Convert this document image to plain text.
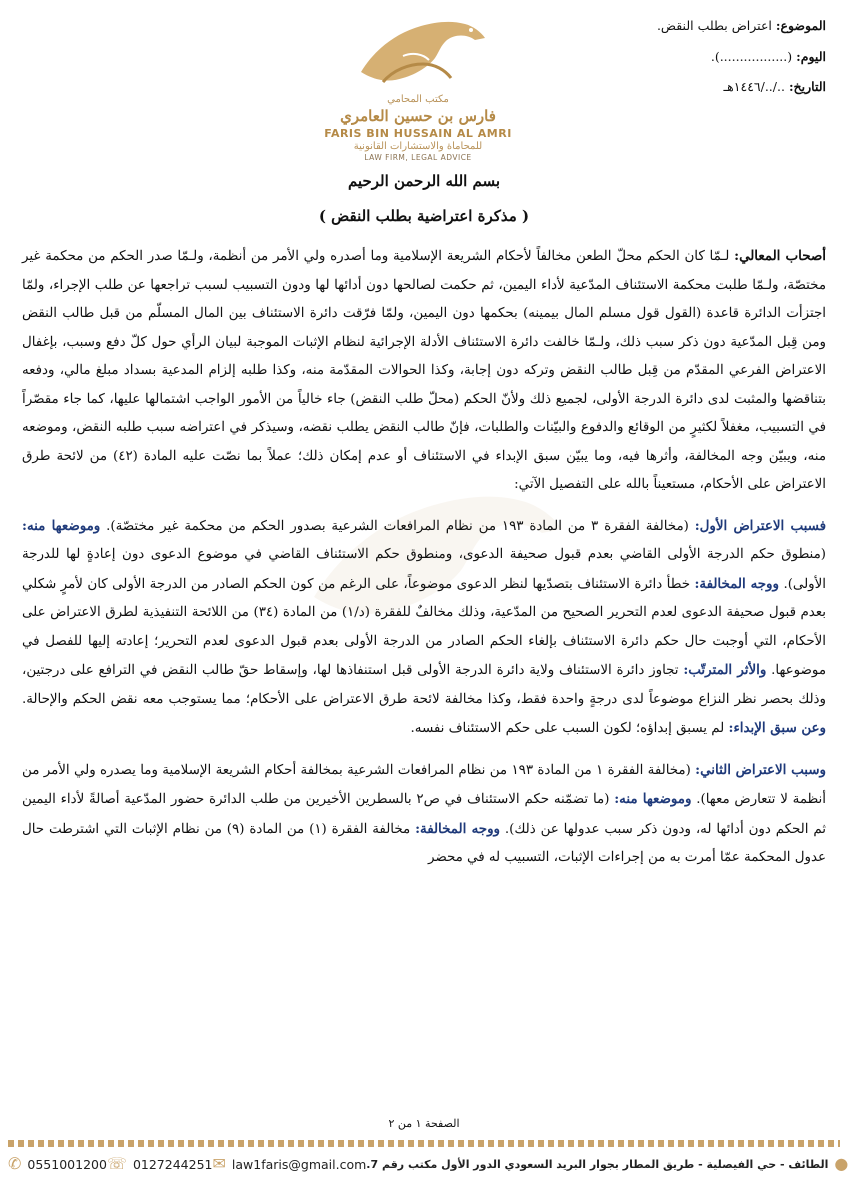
الموضوع: اعتراض بطلب النقض.
اليوم: (.................).
التاريخ: ../../١٤٤٦هـ
مكتب المحامي
فارس بن حسين العامري
FARIS BIN HUSSAIN AL AMRI
للمحاماة والاستشارات القانونية
LAW FIRM, LEGAL ADVICE
بسم الله الرحمن الرحيم
( مذكرة اعتراضية بطلب النقض )

أصحاب المعالي: لـمّا كان الحكم محلّ الطعن مخالفاً لأحكام الشريعة الإسلامية وما أصدره ولي الأمر من أنظمة، ولـمّا صدر الحكم من محكمة غير مختصّة، ولـمّا طلبت محكمة الاستئناف المدّعية لأداء اليمين، ثم حكمت لصالحها دون أدائها لها ودون التسبيب لسبب تراجعها عن طلب الإجراء، ولمّا اجتزأت الدائرة قاعدة (القول قول مسلم المال بيمينه) بحكمها دون اليمين، ولمّا فرّقت دائرة الاستئناف بين المال المسلّم من قبل طالب النقض ومن قِبل المدّعية دون ذكر سبب ذلك، ولـمّا خالفت دائرة الاستئناف الأدلة الإجرائية لنظام الإثبات الموجبة لبيان الرأي حول كلّ دفع وسبب، بإغفال الاعتراض الفرعي المقدّم من قِبل طالب النقض وتركه دون إجابة، وكذا الحوالات المقدّمة منه، وكذا طلبه إلزام المدعية بسداد مبلغ مالي، ودفعه بتناقضها والمثبت لدى دائرة الدرجة الأولى، لجميع ذلك ولأنّ الحكم (محلّ طلب النقض) جاء خالياً من الأمور الواجب اشتمالها عليها، كما جاء مقصّراً في التسبيب، مغفلاً لكثيرٍ من الوقائع والدفوع والبيّنات والطلبات، فإنّ طالب النقض يطلب نقضه، وسيذكر في اعتراضه سبب طلبه النقض، وموضعه منه، ويبيّن وجه المخالفة، وأثرها فيه، وما يبيّن سبق الإبداء في الاستئناف أو عدم إمكان ذلك؛ عملاً بما نصّت عليه المادة (٤٢) من لائحة طرق الاعتراض على الأحكام، مستعيناً بالله على التفصيل الآتي:

فسبب الاعتراض الأول: (مخالفة الفقرة ٣ من المادة ١٩٣ من نظام المرافعات الشرعية بصدور الحكم من محكمة غير مختصّة). وموضعها منه: (منطوق حكم الدرجة الأولى القاضي بعدم قبول صحيفة الدعوى، ومنطوق حكم الاستئناف القاضي في موضوع الدعوى دون إعادةٍ لها للدرجة الأولى). ووجه المخالفة: خطأ دائرة الاستئناف بتصدّيها لنظر الدعوى موضوعاً، على الرغم من كون الحكم الصادر من الدرجة الأولى كان لأمرٍ شكلي بعدم قبول صحيفة الدعوى لعدم التحرير الصحيح من المدّعية، وذلك مخالفٌ للفقرة (د/١) من المادة (٣٤) من اللائحة التنفيذية لطرق الاعتراض على الأحكام، التي أوجبت حال حكم دائرة الاستئناف بإلغاء الحكم الصادر من الدرجة الأولى بعدم قبول الدعوى لعدم التحرير؛ إعادته إليها للفصل في موضوعها. والأثر المترتّب: تجاوز دائرة الاستئناف ولاية دائرة الدرجة الأولى قبل استنفاذها لها، وإسقاط حقّ طالب النقض في الترافع على درجتين، وذلك بحصر نظر النزاع موضوعاً لدى درجةٍ واحدة فقط، وكذا مخالفة لائحة طرق الاعتراض على الأحكام؛ مما يستوجب معه نقض الحكم والإحالة. وعن سبق الإبداء: لم يسبق إبداؤه؛ لكون السبب على حكم الاستئناف نفسه.

وسبب الاعتراض الثاني: (مخالفة الفقرة ١ من المادة ١٩٣ من نظام المرافعات الشرعية بمخالفة أحكام الشريعة الإسلامية وما يصدره ولي الأمر من أنظمة لا تتعارض معها). وموضعها منه: (ما تضمّنه حكم الاستئناف في ص٢ بالسطرين الأخيرين من طلب الدائرة حضور المدّعية أصالةً لأداء اليمين ثم الحكم دون أدائها له، ودون ذكر سبب عدولها عن ذلك). ووجه المخالفة: مخالفة الفقرة (١) من المادة (٩) من نظام الإثبات التي اشترطت حال عدول المحكمة عمّا أمرت به من إجراءات الإثبات، التسبيب له في محضر

الصفحة ١ من ٢
✆ 0551001200 ☏ 0127244251 ✉ law1faris@gmail.com	●
الطائف - حي الفيصلية - طريق المطار بجوار البريد السعودي الدور الأول مكتب رقم 7.
